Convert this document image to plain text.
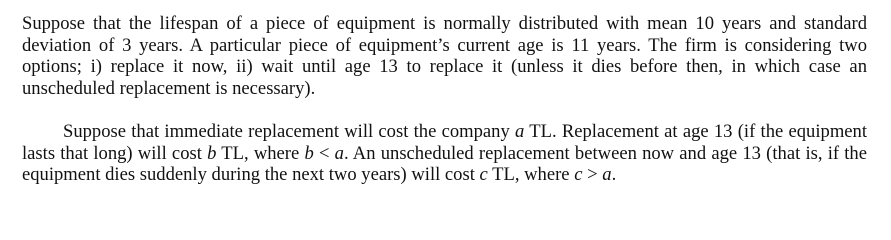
Suppose that the lifespan of a piece of equipment is normally distributed with mean 10 years and standard deviation of 3 years. A particular piece of equipment’s current age is 11 years. The firm is considering two options; i) replace it now, ii) wait until age 13 to replace it (unless it dies before then, in which case an unscheduled replacement is necessary).

Suppose that immediate replacement will cost the company a TL. Replacement at age 13 (if the equipment lasts that long) will cost b TL, where b < a. An unscheduled replacement between now and age 13 (that is, if the equipment dies suddenly during the next two years) will cost c TL, where c > a.
